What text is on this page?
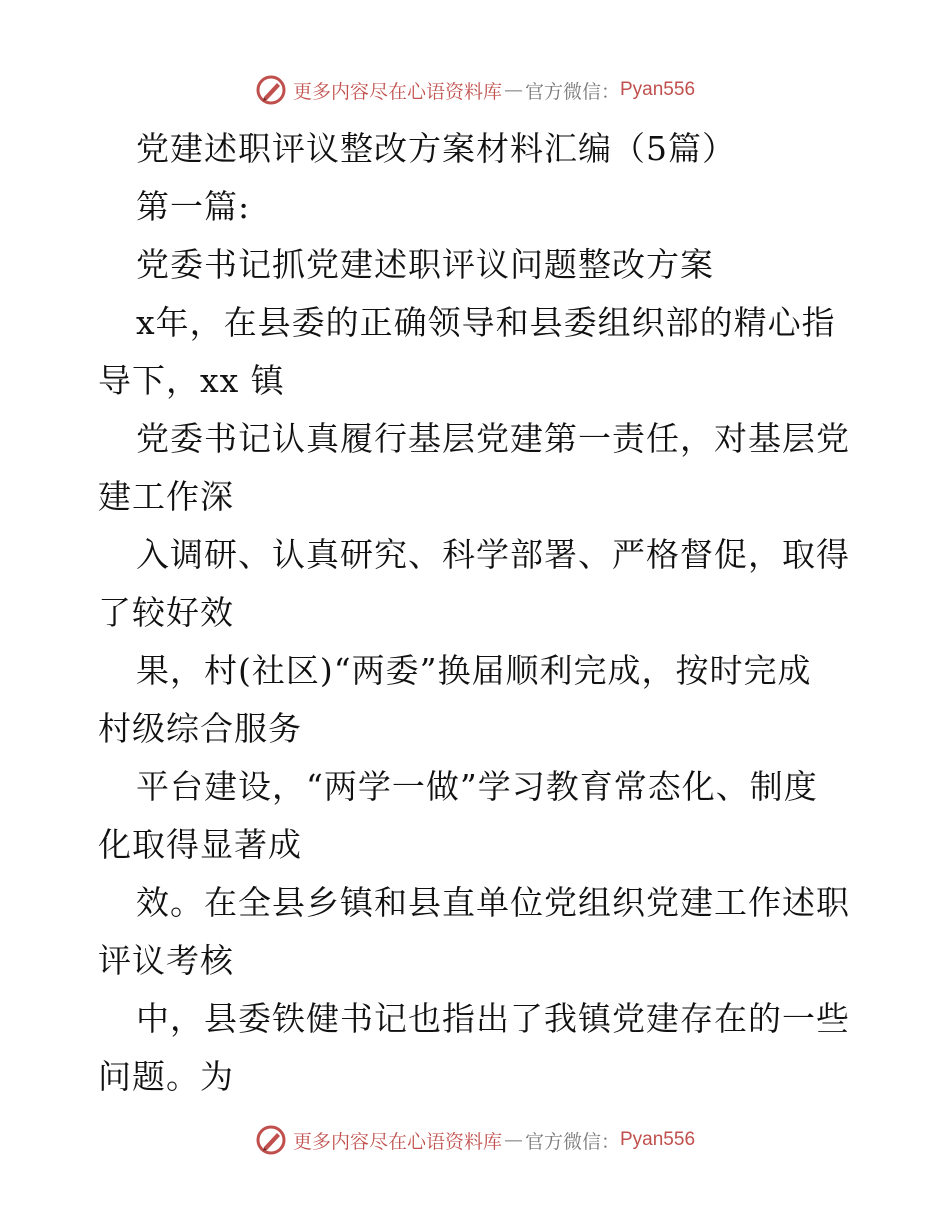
更多内容尽在心语资料库 — 官方微信： Pyan556
党建述职评议整改方案材料汇编（5篇）
第一篇:
党委书记抓党建述职评议问题整改方案
x年，在县委的正确领导和县委组织部的精心指
导下，xx 镇
党委书记认真履行基层党建第一责任，对基层党
建工作深
入调研、认真研究、科学部署、严格督促，取得
了较好效
果，村(社区)“两委”换届顺利完成，按时完成
村级综合服务
平台建设，“两学一做”学习教育常态化、制度
化取得显著成
效。在全县乡镇和县直单位党组织党建工作述职
评议考核
中，县委铁健书记也指出了我镇党建存在的一些
问题。为
更多内容尽在心语资料库 — 官方微信： Pyan556
